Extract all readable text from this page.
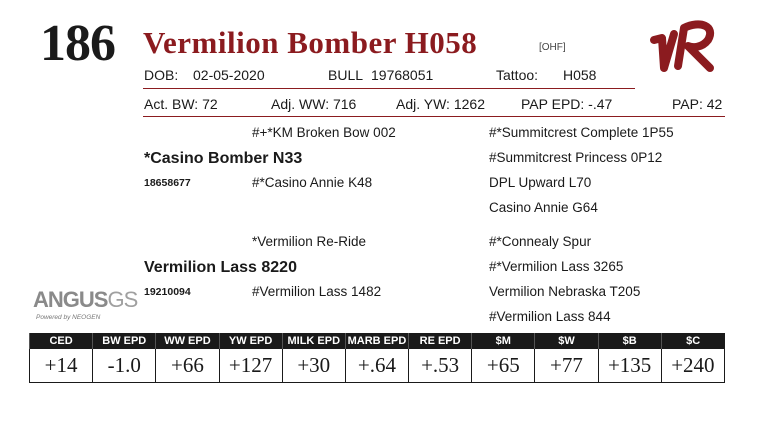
186 Vermilion Bomber H058	[OHF]
DOB: 02-05-2020	BULL 19768051	Tattoo: H058
Act. BW: 72	Adj. WW: 716	Adj. YW: 1262	PAP EPD: -.47	PAP: 42
#+*KM Broken Bow 002
*Casino Bomber N33
18658677	#*Casino Annie K48
#*Summitcrest Complete 1P55
#Summitcrest Princess 0P12
DPL Upward L70
Casino Annie G64
*Vermilion Re-Ride
Vermilion Lass 8220
19210094	#Vermilion Lass 1482
#*Connealy Spur
#*Vermilion Lass 3265
Vermilion Nebraska T205
#Vermilion Lass 844
ANGUSGS
Powered by NEOGEN
CED	BW EPD	WW EPD	YW EPD	MILK EPD	MARB EPD	RE EPD	$M	$W	$B	$C
+14	-1.0	+66	+127	+30	+.64	+.53	+65	+77	+135	+240
